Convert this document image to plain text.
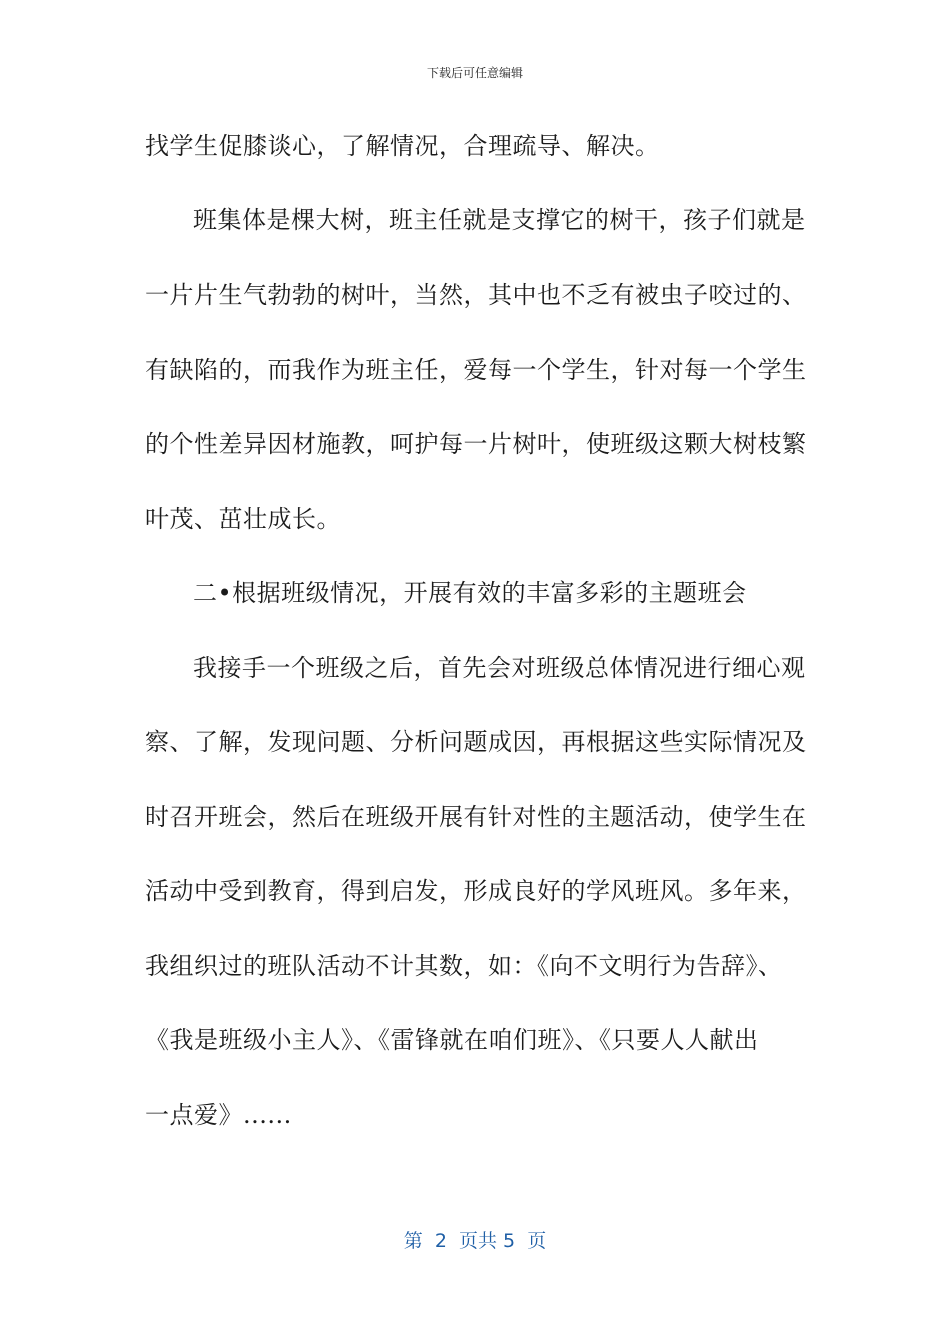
下载后可任意编辑
找学生促膝谈心，了解情况，合理疏导、解决。
班集体是棵大树，班主任就是支撑它的树干，孩子们就是
一片片生气勃勃的树叶，当然，其中也不乏有被虫子咬过的、
有缺陷的，而我作为班主任，爱每一个学生，针对每一个学生
的个性差异因材施教，呵护每一片树叶，使班级这颗大树枝繁
叶茂、茁壮成长。
二•根据班级情况，开展有效的丰富多彩的主题班会
我接手一个班级之后，首先会对班级总体情况进行细心观
察、了解，发现问题、分析问题成因，再根据这些实际情况及
时召开班会，然后在班级开展有针对性的主题活动，使学生在
活动中受到教育，得到启发，形成良好的学风班风。多年来，
我组织过的班队活动不计其数，如：《向不文明行为告辞》、
《我是班级小主人》、《雷锋就在咱们班》、《只要人人献出
一点爱》......
第  2  页共 5  页
